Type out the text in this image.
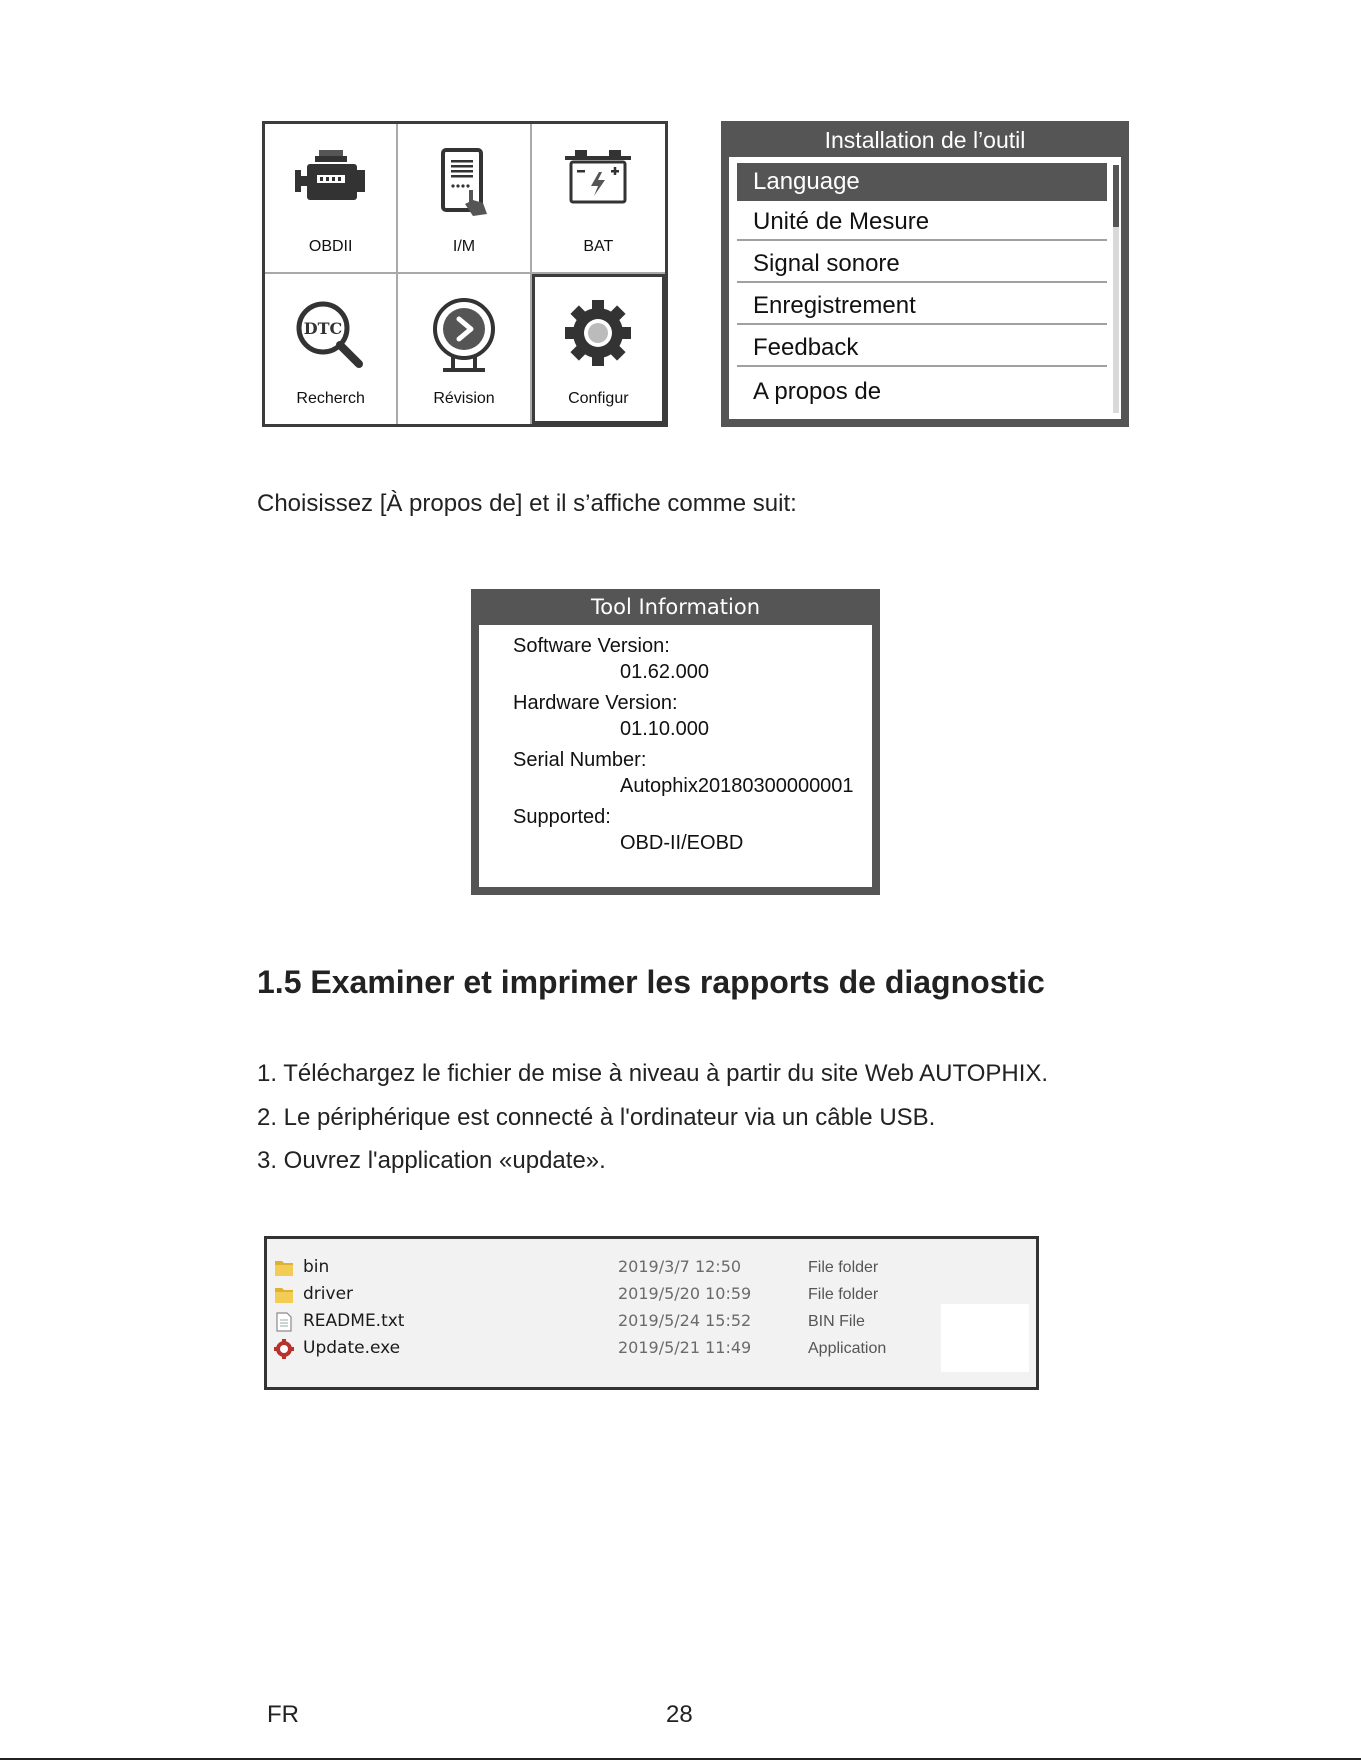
OBDII	I/M	BAT
DTC
Recherch	Révision	Configur
Installation de l’outil
Language
Unité de Mesure
Signal sonore
Enregistrement
Feedback
A propos de
Choisissez [À propos de] et il s’affiche comme suit:
Tool Information
Software Version:
01.62.000
Hardware Version:
01.10.000
Serial Number:
Autophix20180300000001
Supported:
OBD-II/EOBD
1.5 Examiner et imprimer les rapports de diagnostic
1. Téléchargez le fichier de mise à niveau à partir du site Web AUTOPHIX.
2. Le périphérique est connecté à l'ordinateur via un câble USB.
3. Ouvrez l'application «update».
bin	2019/3/7 12:50	File folder
driver	2019/5/20 10:59	File folder
README.txt	2019/5/24 15:52	BIN File
Update.exe	2019/5/21 11:49	Application
FR	28
